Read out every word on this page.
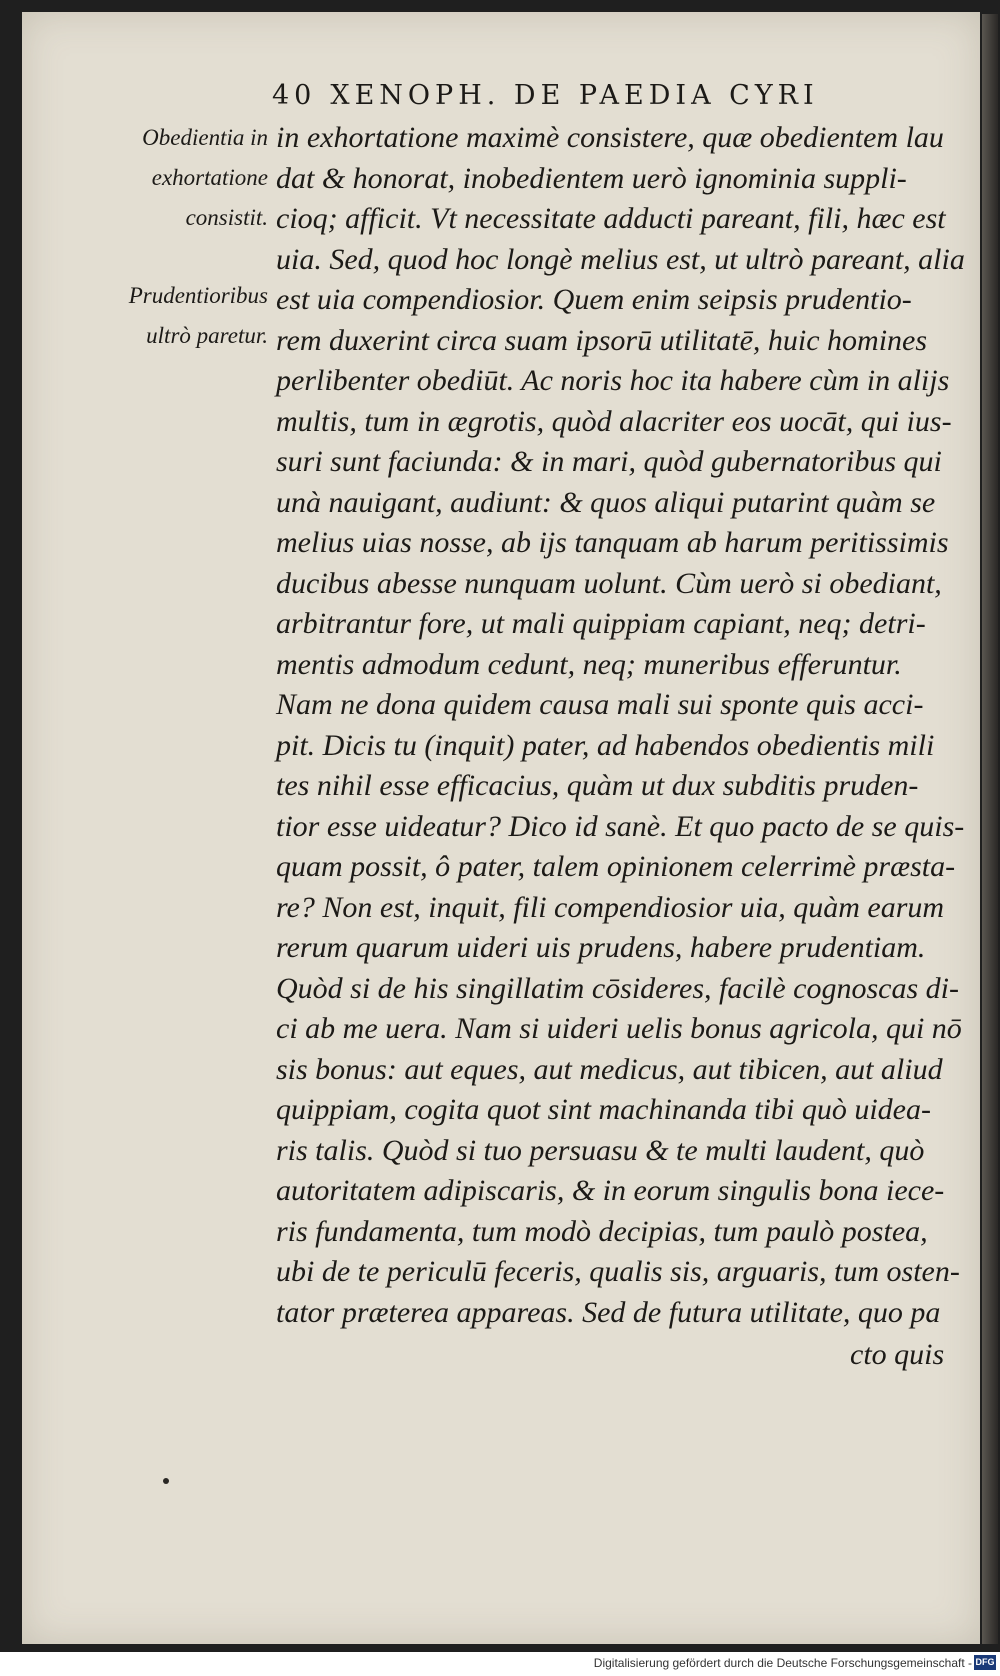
40 XENOPH. DE PAEDIA CYRI
Obedientia in
exhortatione
consistit.
Prudentioribus
ultrò paretur.
in exhortatione maximè consistere, quæ obedientem lau
dat & honorat, inobedientem uerò ignominia suppli-
cioq; afficit. Vt necessitate adducti pareant, fili, hæc est
uia. Sed, quod hoc longè melius est, ut ultrò pareant, alia
est uia compendiosior. Quem enim seipsis prudentio-
rem duxerint circa suam ipsorū utilitatē, huic homines
perlibenter obediūt. Ac noris hoc ita habere cùm in alijs
multis, tum in ægrotis, quòd alacriter eos uocāt, qui ius-
suri sunt faciunda: & in mari, quòd gubernatoribus qui
unà nauigant, audiunt: & quos aliqui putarint quàm se
melius uias nosse, ab ijs tanquam ab harum peritissimis
ducibus abesse nunquam uolunt. Cùm uerò si obediant,
arbitrantur fore, ut mali quippiam capiant, neq; detri-
mentis admodum cedunt, neq; muneribus efferuntur.
Nam ne dona quidem causa mali sui sponte quis acci-
pit. Dicis tu (inquit) pater, ad habendos obedientis mili
tes nihil esse efficacius, quàm ut dux subditis pruden-
tior esse uideatur? Dico id sanè. Et quo pacto de se quis-
quam possit, ô pater, talem opinionem celerrimè præsta-
re? Non est, inquit, fili compendiosior uia, quàm earum
rerum quarum uideri uis prudens, habere prudentiam.
Quòd si de his singillatim cōsideres, facilè cognoscas di-
ci ab me uera. Nam si uideri uelis bonus agricola, qui nō
sis bonus: aut eques, aut medicus, aut tibicen, aut aliud
quippiam, cogita quot sint machinanda tibi quò uidea-
ris talis. Quòd si tuo persuasu & te multi laudent, quò
autoritatem adipiscaris, & in eorum singulis bona iece-
ris fundamenta, tum modò decipias, tum paulò postea,
ubi de te periculū feceris, qualis sis, arguaris, tum osten-
tator præterea appareas. Sed de futura utilitate, quo pa
cto quis
Digitalisierung gefördert durch die Deutsche Forschungsgemeinschaft - DFG
